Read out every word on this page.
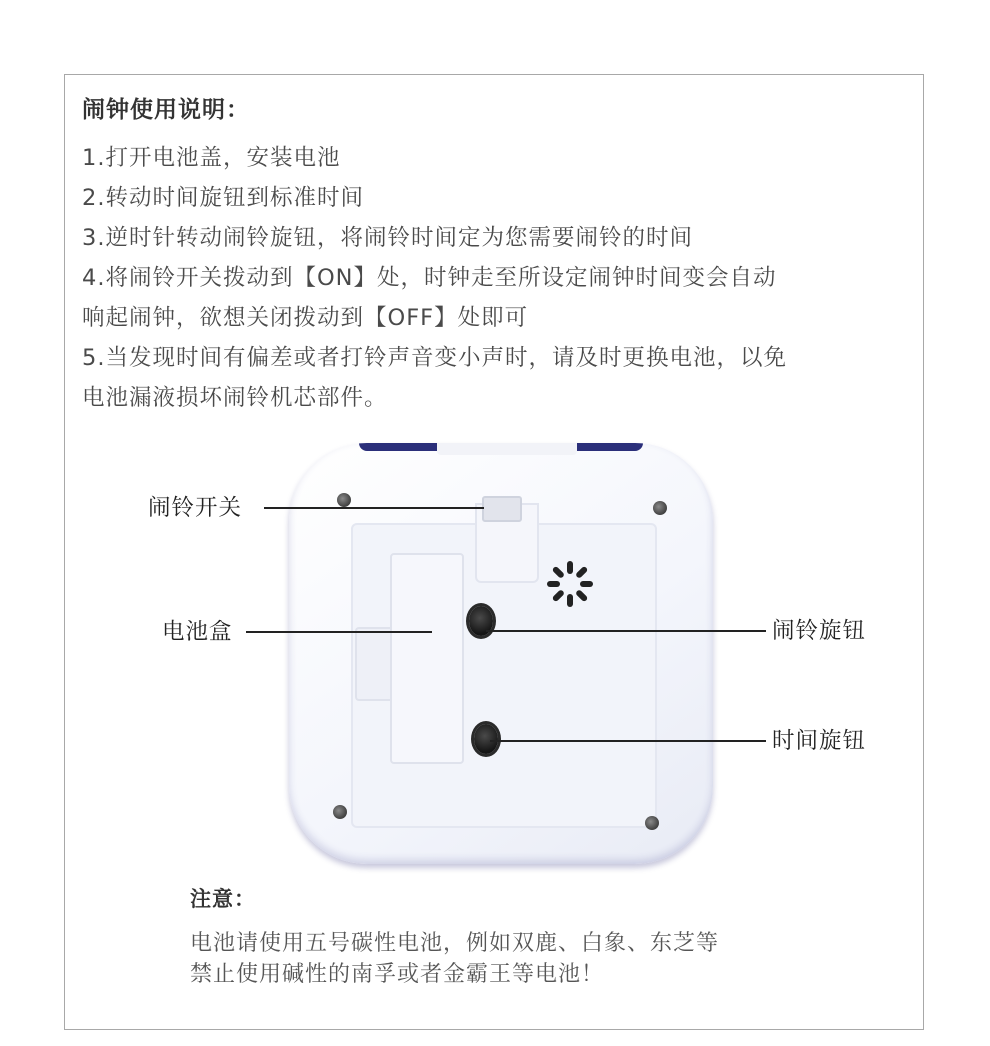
闹钟使用说明：
1.打开电池盖，安装电池
2.转动时间旋钮到标准时间
3.逆时针转动闹铃旋钮，将闹铃时间定为您需要闹铃的时间
4.将闹铃开关拨动到【ON】处，时钟走至所设定闹钟时间变会自动
响起闹钟，欲想关闭拨动到【OFF】处即可
5.当发现时间有偏差或者打铃声音变小声时，请及时更换电池，以免
电池漏液损坏闹铃机芯部件。
闹铃开关
电池盒	闹铃旋钮
时间旋钮
注意：
电池请使用五号碳性电池，例如双鹿、白象、东芝等
禁止使用碱性的南孚或者金霸王等电池！
